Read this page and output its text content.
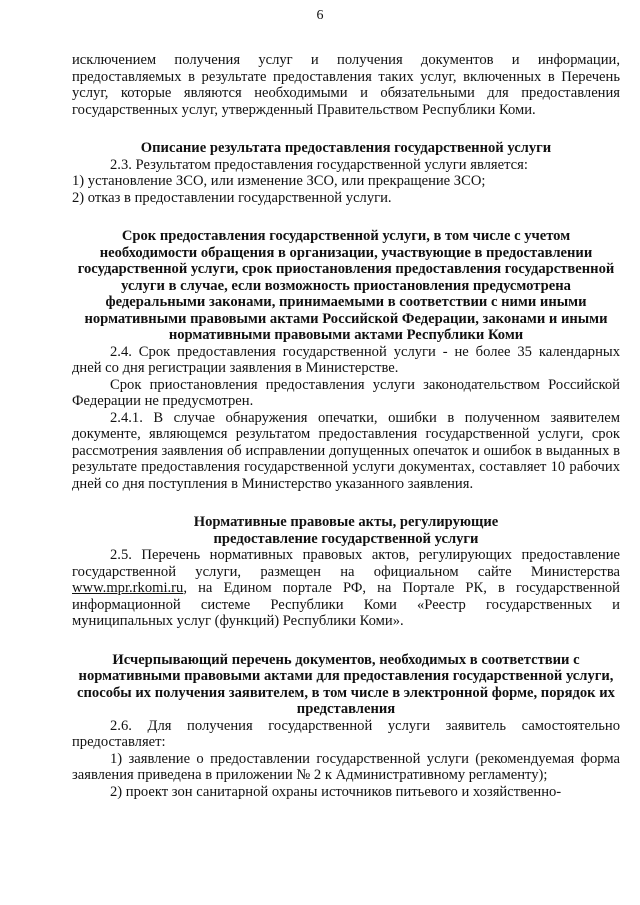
6

исключением получения услуг и получения документов и информации, предоставляемых в результате предоставления таких услуг, включенных в Перечень услуг, которые являются необходимыми и обязательными для предоставления государственных услуг, утвержденный Правительством Республики Коми.

Описание результата предоставления государственной услуги

2.3. Результатом предоставления государственной услуги является:

1) установление ЗСО, или изменение ЗСО, или прекращение ЗСО;

2) отказ в предоставлении государственной услуги.

Срок предоставления государственной услуги, в том числе с учетом необходимости обращения в организации, участвующие в предоставлении государственной услуги, срок приостановления предоставления государственной услуги в случае, если возможность приостановления предусмотрена федеральными законами, принимаемыми в соответствии с ними иными нормативными правовыми актами Российской Федерации, законами и иными нормативными правовыми актами Республики Коми

2.4. Срок предоставления государственной услуги - не более 35 календарных дней со дня регистрации заявления в Министерстве.

Срок приостановления предоставления услуги законодательством Российской Федерации не предусмотрен.

2.4.1. В случае обнаружения опечатки, ошибки в полученном заявителем документе, являющемся результатом предоставления государственной услуги, срок рассмотрения заявления об исправлении допущенных опечаток и ошибок в выданных в результате предоставления государственной услуги документах, составляет 10 рабочих дней со дня поступления в Министерство указанного заявления.

Нормативные правовые акты, регулирующие

предоставление государственной услуги

2.5. Перечень нормативных правовых актов, регулирующих предоставление государственной услуги, размещен на официальном сайте Министерства www.mpr.rkomi.ru, на Едином портале РФ, на Портале РК, в государственной информационной системе Республики Коми «Реестр государственных и муниципальных услуг (функций) Республики Коми».

Исчерпывающий перечень документов, необходимых в соответствии с нормативными правовыми актами для предоставления государственной услуги, способы их получения заявителем, в том числе в электронной форме, порядок их представления

2.6. Для получения государственной услуги заявитель самостоятельно предоставляет:

1) заявление о предоставлении государственной услуги (рекомендуемая форма заявления приведена в приложении № 2 к Административному регламенту);

2) проект зон санитарной охраны источников питьевого и хозяйственно-
